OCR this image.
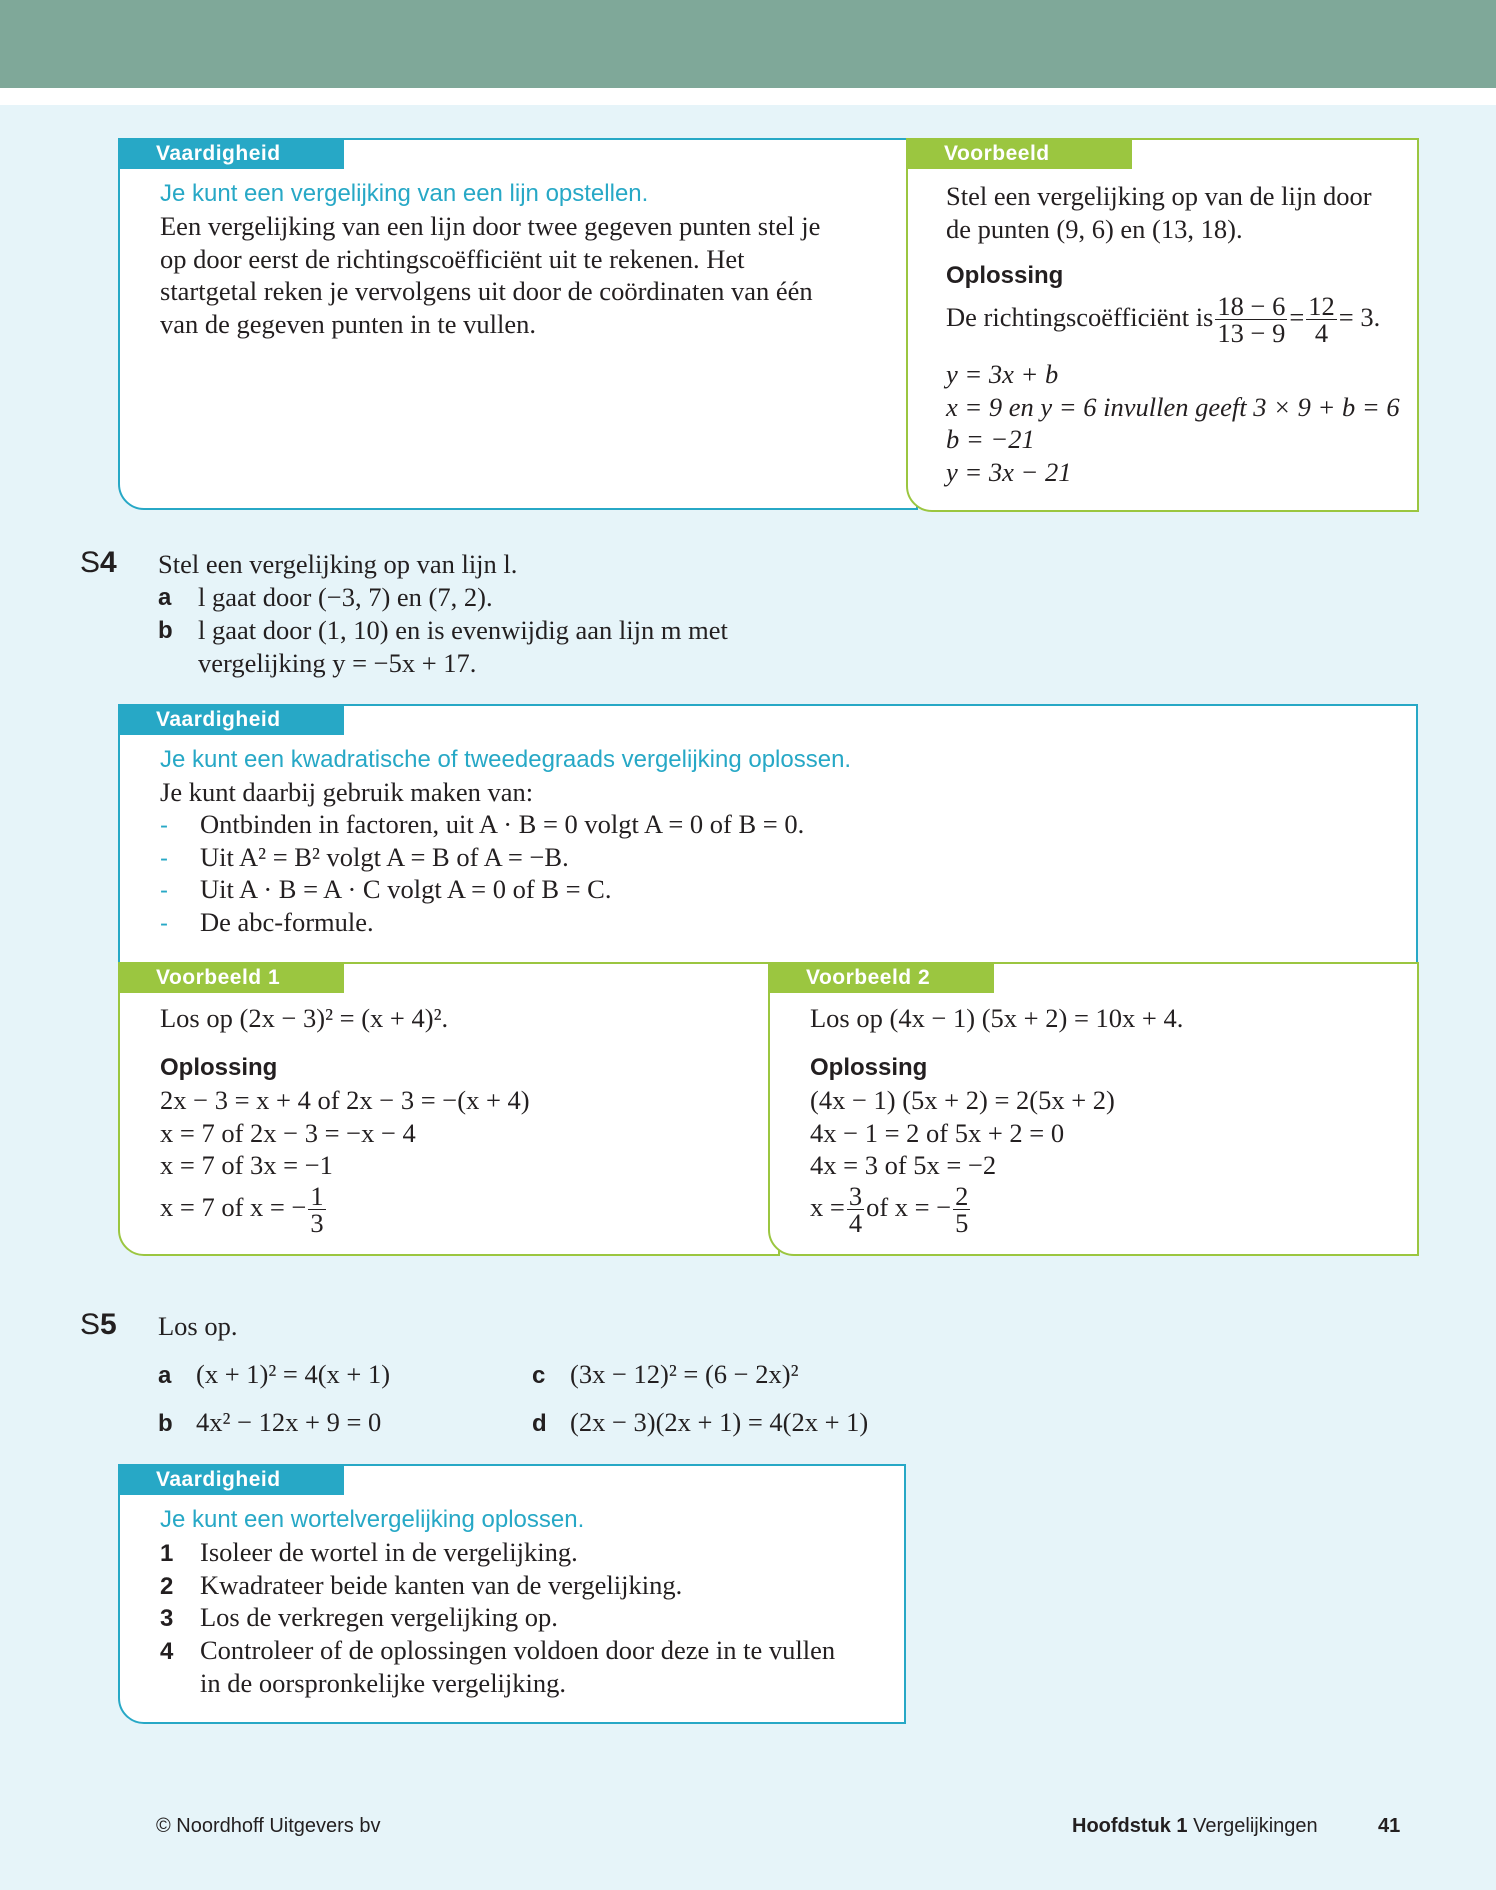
Vaardigheid
Je kunt een vergelijking van een lijn opstellen.
Een vergelijking van een lijn door twee gegeven punten stel je
op door eerst de richtingscoëfficiënt uit te rekenen. Het
startgetal reken je vervolgens uit door de coördinaten van één
van de gegeven punten in te vullen.
Voorbeeld
Stel een vergelijking op van de lijn door
de punten (9, 6) en (13, 18).
Oplossing
De richtingscoëfficiënt is $\frac{18 - 6}{13 - 9} = \frac{12}{4} = 3$.
y = 3x + b
x = 9 en y = 6 invullen geeft 3 × 9 + b = 6
b = −21
y = 3x − 21
S4 Stel een vergelijking op van lijn l.
a l gaat door (−3, 7) en (7, 2).
b l gaat door (1, 10) en is evenwijdig aan lijn m met
vergelijking y = −5x + 17.
Vaardigheid
Je kunt een kwadratische of tweedegraads vergelijking oplossen.
Je kunt daarbij gebruik maken van:
- Ontbinden in factoren, uit A · B = 0 volgt A = 0 of B = 0.
- Uit A² = B² volgt A = B of A = −B.
- Uit A · B = A · C volgt A = 0 of B = C.
- De abc-formule.
Voorbeeld 1
Los op (2x − 3)² = (x + 4)².
Oplossing
2x − 3 = x + 4 of 2x − 3 = −(x + 4)
x = 7 of 2x − 3 = −x − 4
x = 7 of 3x = −1
x = 7 of x = − $\frac{1}{3}$
Voorbeeld 2
Los op (4x − 1) (5x + 2) = 10x + 4.
Oplossing
(4x − 1) (5x + 2) = 2(5x + 2)
4x − 1 = 2 of 5x + 2 = 0
4x = 3 of 5x = −2
$x = \frac{3}{4}$ of x = − $\frac{2}{5}$
S5 Los op.
a (x + 1)² = 4(x + 1)
b 4x² − 12x + 9 = 0
c (3x − 12)² = (6 − 2x)²
d (2x − 3)(2x + 1) = 4(2x + 1)
Vaardigheid
Je kunt een wortelvergelijking oplossen.
1 Isoleer de wortel in de vergelijking.
2 Kwadrateer beide kanten van de vergelijking.
3 Los de verkregen vergelijking op.
4 Controleer of de oplossingen voldoen door deze in te vullen
in de oorspronkelijke vergelijking.
© Noordhoff Uitgevers bv	Hoofdstuk 1 Vergelijkingen	41
